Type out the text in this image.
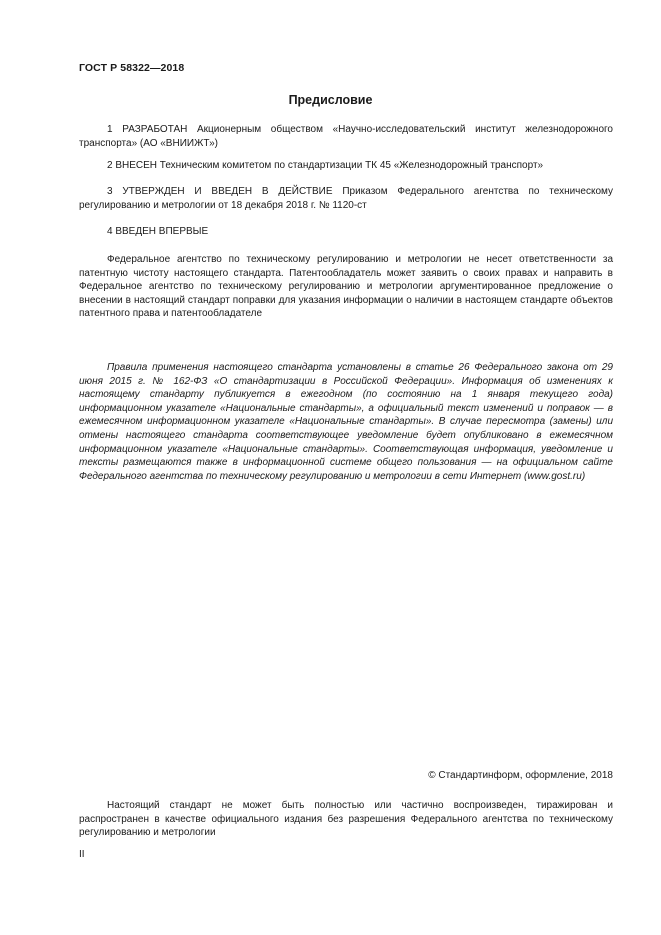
ГОСТ Р 58322—2018
Предисловие

1 РАЗРАБОТАН Акционерным обществом «Научно-исследовательский институт железнодорожного транспорта» (АО «ВНИИЖТ»)

2 ВНЕСЕН Техническим комитетом по стандартизации ТК 45 «Железнодорожный транспорт»

3 УТВЕРЖДЕН И ВВЕДЕН В ДЕЙСТВИЕ Приказом Федерального агентства по техническому регулированию и метрологии от 18 декабря 2018 г. № 1120-ст

4 ВВЕДЕН ВПЕРВЫЕ

Федеральное агентство по техническому регулированию и метрологии не несет ответственности за патентную чистоту настоящего стандарта. Патентообладатель может заявить о своих правах и направить в Федеральное агентство по техническому регулированию и метрологии аргументированное предложение о внесении в настоящий стандарт поправки для указания информации о наличии в настоящем стандарте объектов патентного права и патентообладателе

Правила применения настоящего стандарта установлены в статье 26 Федерального закона от 29 июня 2015 г. № 162-ФЗ «О стандартизации в Российской Федерации». Информация об изменениях к настоящему стандарту публикуется в ежегодном (по состоянию на 1 января текущего года) информационном указателе «Национальные стандарты», а официальный текст изменений и поправок — в ежемесячном информационном указателе «Национальные стандарты». В случае пересмотра (замены) или отмены настоящего стандарта соответствующее уведомление будет опубликовано в ежемесячном информационном указателе «Национальные стандарты». Соответствующая информация, уведомление и тексты размещаются также в информационной системе общего пользования — на официальном сайте Федерального агентства по техническому регулированию и метрологии в сети Интернет (www.gost.ru)

© Стандартинформ, оформление, 2018

Настоящий стандарт не может быть полностью или частично воспроизведен, тиражирован и распространен в качестве официального издания без разрешения Федерального агентства по техническому регулированию и метрологии

II
